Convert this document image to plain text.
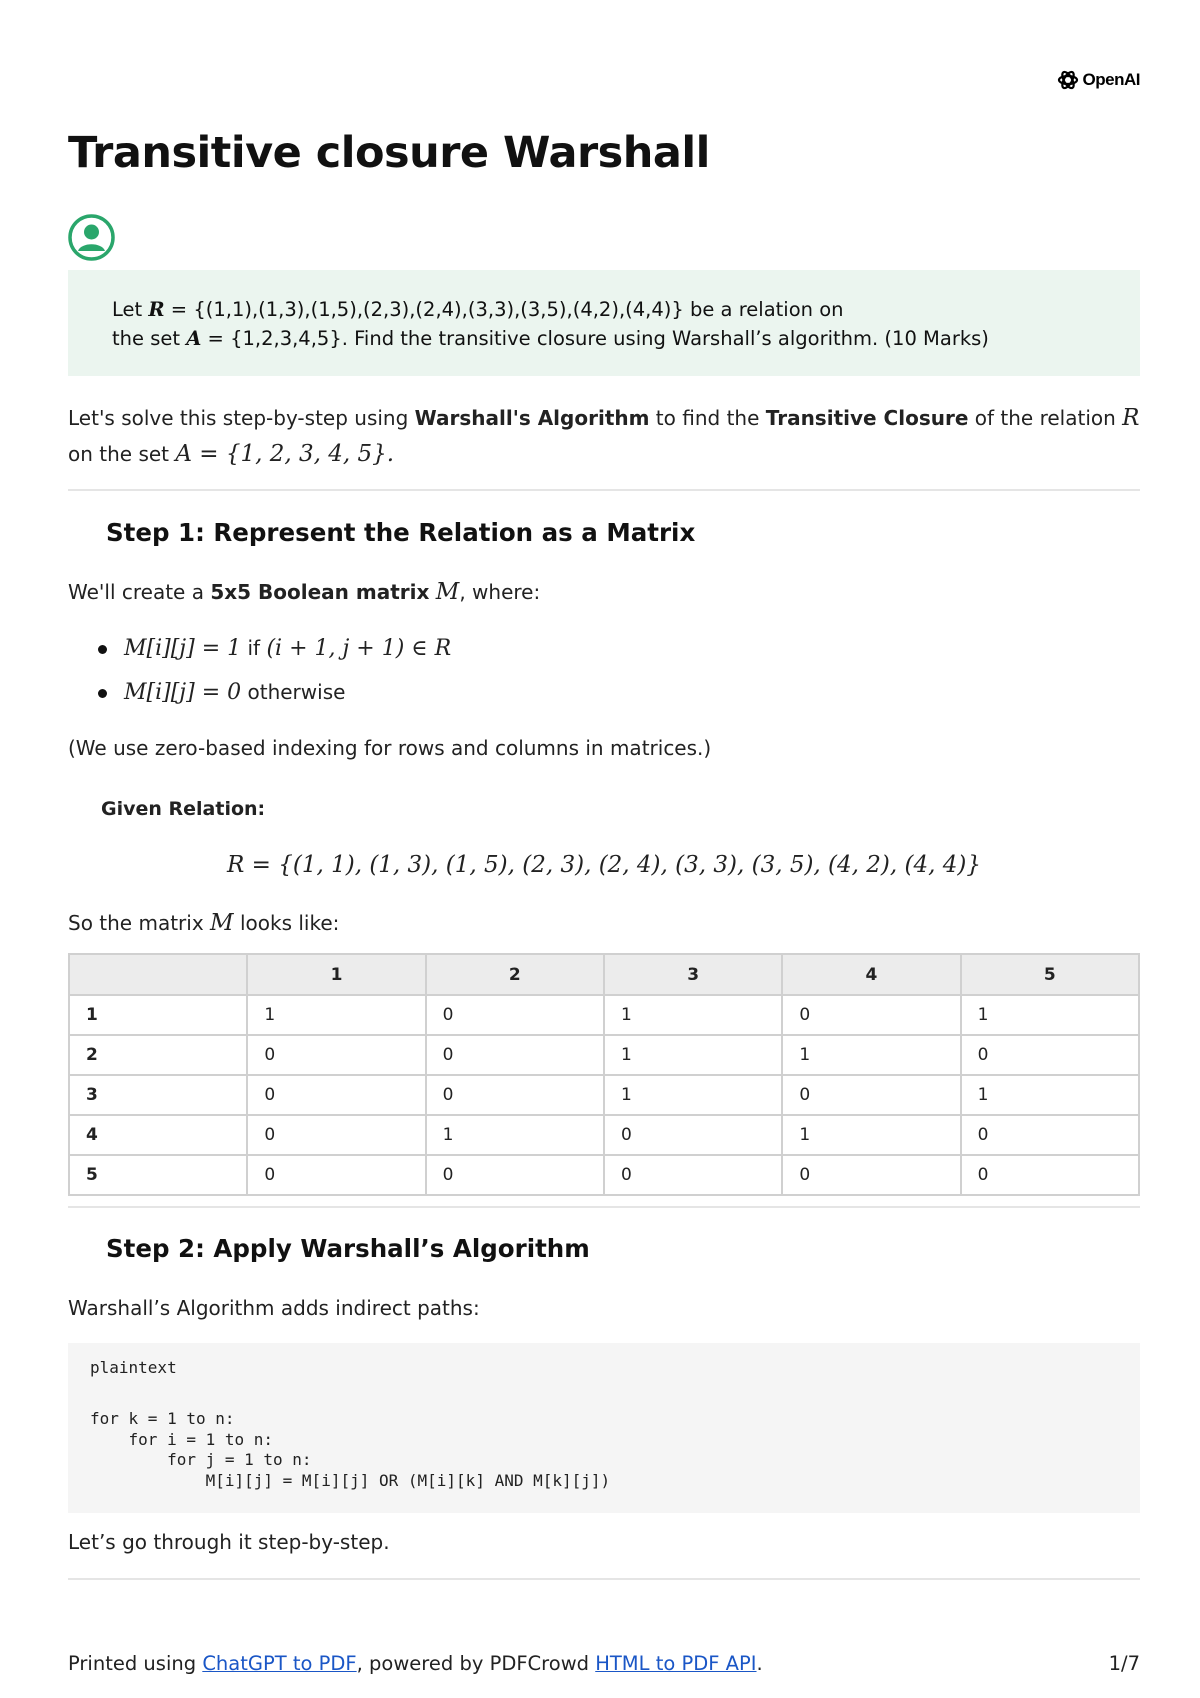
OpenAI
Transitive closure Warshall
Let R = {(1,1),(1,3),(1,5),(2,3),(2,4),(3,3),(3,5),(4,2),(4,4)} be a relation on
the set A = {1,2,3,4,5}. Find the transitive closure using Warshall’s algorithm. (10 Marks)
Let's solve this step-by-step using Warshall's Algorithm to find the Transitive Closure of the relation R
on the set A = {1, 2, 3, 4, 5}.
Step 1: Represent the Relation as a Matrix
We'll create a 5x5 Boolean matrix M, where:
M[i][j] = 1 if (i + 1, j + 1) ∈ R
M[i][j] = 0 otherwise
(We use zero-based indexing for rows and columns in matrices.)
Given Relation:
R = {(1, 1), (1, 3), (1, 5), (2, 3), (2, 4), (3, 3), (3, 5), (4, 2), (4, 4)}
So the matrix M looks like:
	1	2	3	4	5
1	1	0	1	0	1
2	0	0	1	1	0
3	0	0	1	0	1
4	0	1	0	1	0
5	0	0	0	0	0
Step 2: Apply Warshall’s Algorithm
Warshall’s Algorithm adds indirect paths:
plaintext
for k = 1 to n:
for i = 1 to n:
for j = 1 to n:
M[i][j] = M[i][j] OR (M[i][k] AND M[k][j])
Let’s go through it step-by-step.
Printed using ChatGPT to PDF, powered by PDFCrowd HTML to PDF API.	1/7
